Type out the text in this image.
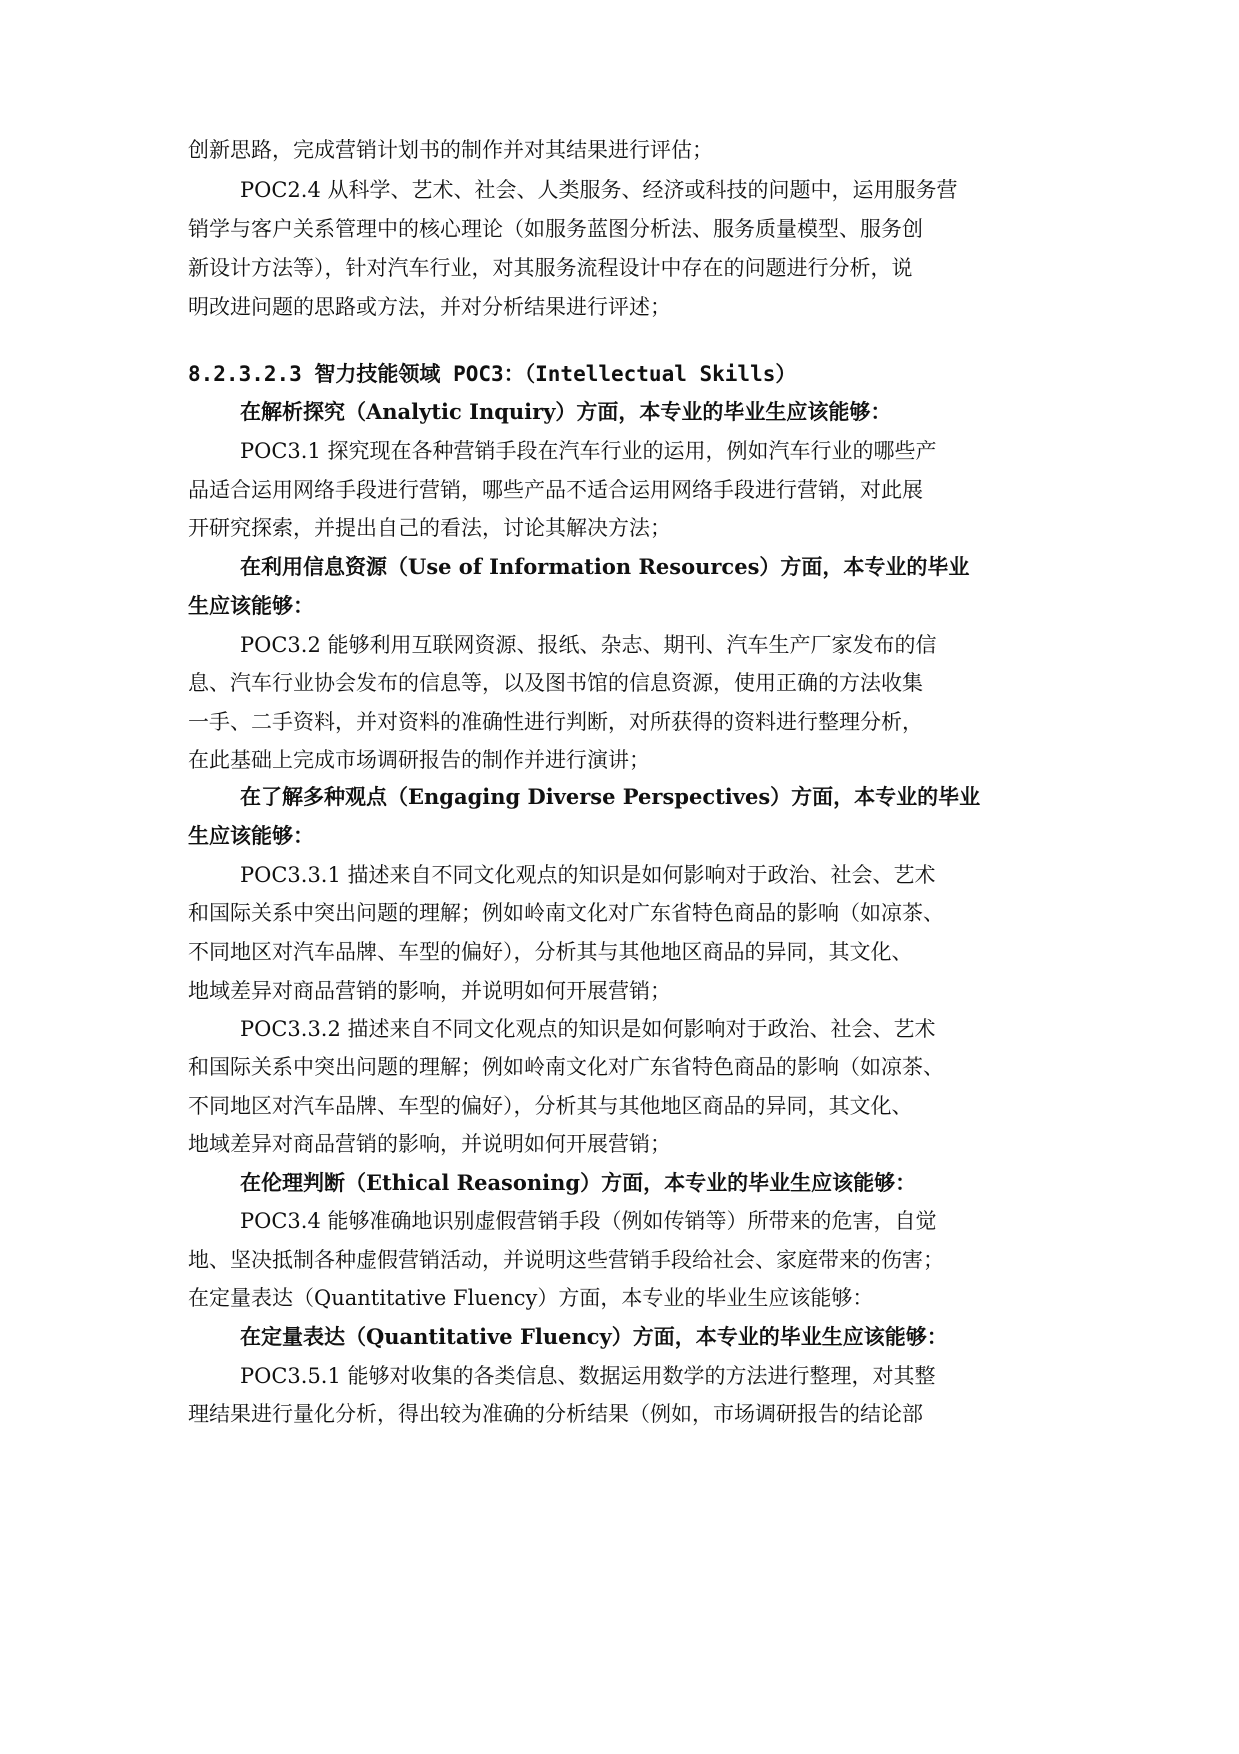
创新思路，完成营销计划书的制作并对其结果进行评估；
POC2.4 从科学、艺术、社会、人类服务、经济或科技的问题中，运用服务营
销学与客户关系管理中的核心理论（如服务蓝图分析法、服务质量模型、服务创
新设计方法等），针对汽车行业，对其服务流程设计中存在的问题进行分析，说
明改进问题的思路或方法，并对分析结果进行评述；
8.2.3.2.3 智力技能领域 POC3：（Intellectual Skills）
在解析探究（Analytic Inquiry）方面，本专业的毕业生应该能够：
POC3.1 探究现在各种营销手段在汽车行业的运用，例如汽车行业的哪些产
品适合运用网络手段进行营销，哪些产品不适合运用网络手段进行营销，对此展
开研究探索，并提出自己的看法，讨论其解决方法；
在利用信息资源（Use of Information Resources）方面，本专业的毕业
生应该能够：
POC3.2 能够利用互联网资源、报纸、杂志、期刊、汽车生产厂家发布的信
息、汽车行业协会发布的信息等，以及图书馆的信息资源，使用正确的方法收集
一手、二手资料，并对资料的准确性进行判断，对所获得的资料进行整理分析，
在此基础上完成市场调研报告的制作并进行演讲；
在了解多种观点（Engaging Diverse Perspectives）方面，本专业的毕业
生应该能够：
POC3.3.1 描述来自不同文化观点的知识是如何影响对于政治、社会、艺术
和国际关系中突出问题的理解；例如岭南文化对广东省特色商品的影响（如凉茶、
不同地区对汽车品牌、车型的偏好），分析其与其他地区商品的异同，其文化、
地域差异对商品营销的影响，并说明如何开展营销；
POC3.3.2 描述来自不同文化观点的知识是如何影响对于政治、社会、艺术
和国际关系中突出问题的理解；例如岭南文化对广东省特色商品的影响（如凉茶、
不同地区对汽车品牌、车型的偏好），分析其与其他地区商品的异同，其文化、
地域差异对商品营销的影响，并说明如何开展营销；
在伦理判断（Ethical Reasoning）方面，本专业的毕业生应该能够：
POC3.4 能够准确地识别虚假营销手段（例如传销等）所带来的危害，自觉
地、坚决抵制各种虚假营销活动，并说明这些营销手段给社会、家庭带来的伤害；
在定量表达（Quantitative Fluency）方面，本专业的毕业生应该能够：
在定量表达（Quantitative Fluency）方面，本专业的毕业生应该能够：
POC3.5.1 能够对收集的各类信息、数据运用数学的方法进行整理，对其整
理结果进行量化分析，得出较为准确的分析结果（例如，市场调研报告的结论部
